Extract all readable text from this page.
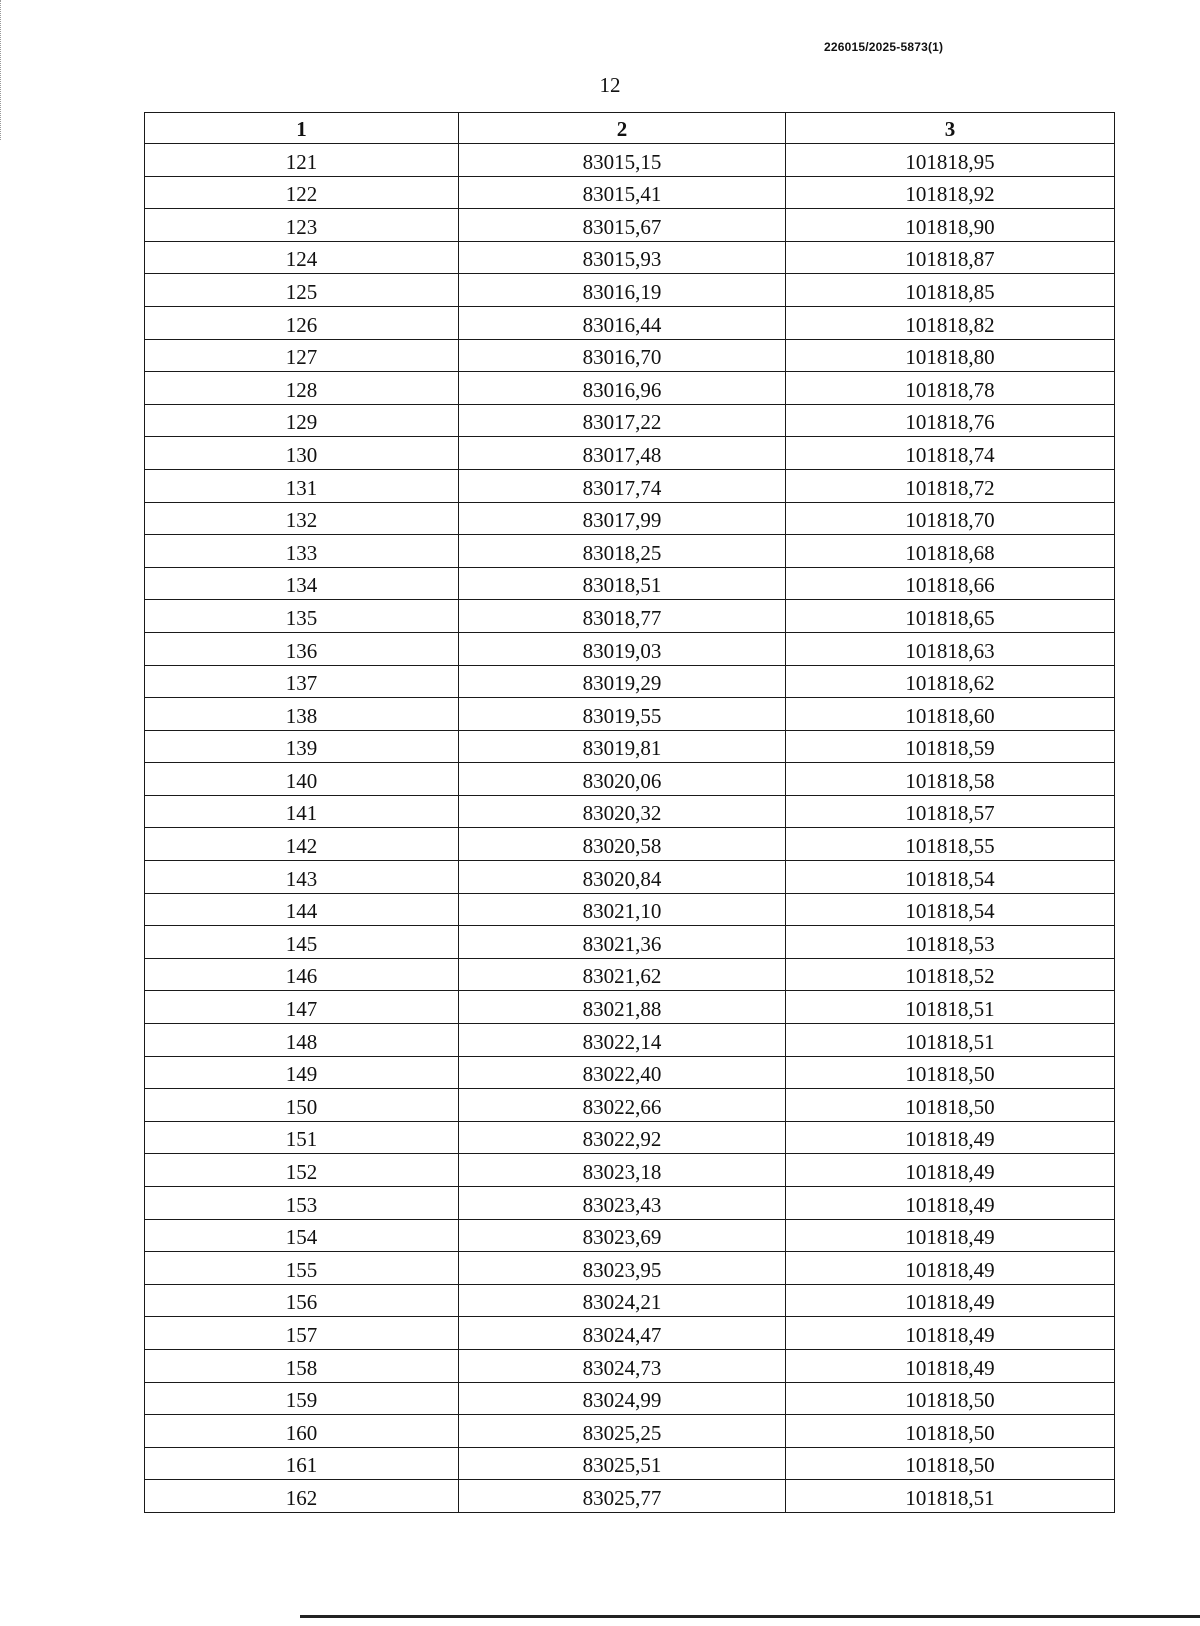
226015/2025-5873(1)
12
1	2	3
121	83015,15	101818,95
122	83015,41	101818,92
123	83015,67	101818,90
124	83015,93	101818,87
125	83016,19	101818,85
126	83016,44	101818,82
127	83016,70	101818,80
128	83016,96	101818,78
129	83017,22	101818,76
130	83017,48	101818,74
131	83017,74	101818,72
132	83017,99	101818,70
133	83018,25	101818,68
134	83018,51	101818,66
135	83018,77	101818,65
136	83019,03	101818,63
137	83019,29	101818,62
138	83019,55	101818,60
139	83019,81	101818,59
140	83020,06	101818,58
141	83020,32	101818,57
142	83020,58	101818,55
143	83020,84	101818,54
144	83021,10	101818,54
145	83021,36	101818,53
146	83021,62	101818,52
147	83021,88	101818,51
148	83022,14	101818,51
149	83022,40	101818,50
150	83022,66	101818,50
151	83022,92	101818,49
152	83023,18	101818,49
153	83023,43	101818,49
154	83023,69	101818,49
155	83023,95	101818,49
156	83024,21	101818,49
157	83024,47	101818,49
158	83024,73	101818,49
159	83024,99	101818,50
160	83025,25	101818,50
161	83025,51	101818,50
162	83025,77	101818,51
